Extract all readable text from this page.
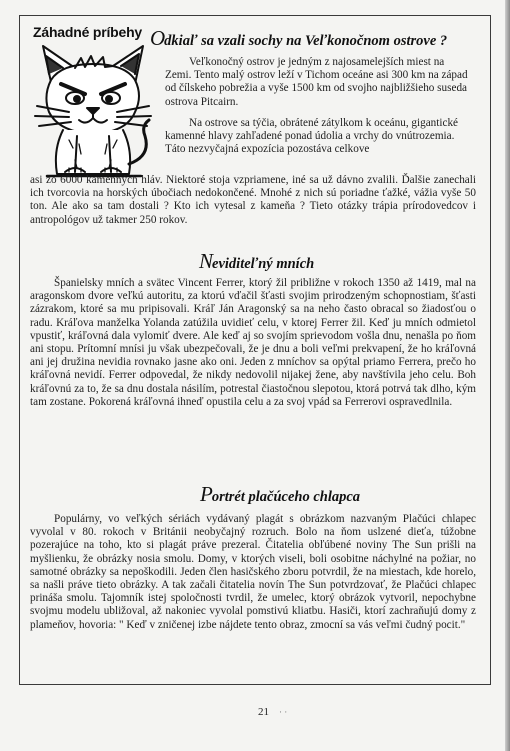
Záhadné príbehy Odkiaľ sa vzali sochy na Veľkonočnom ostrove ?

Veľkonočný ostrov je jedným z najosamelejších miest na Zemi. Tento malý ostrov leží v Tichom oceáne asi 300 km na západ od čílskeho pobrežia a vyše 1500 km od svojho najbližšieho suseda ostrova Pitcairn.

Na ostrove sa týčia, obrátené zátylkom k oceánu, gigantické kamenné hlavy zahľadené ponad údolia a vrchy do vnútrozemia. Táto nezvyčajná expozícia pozostáva celkove

asi zo 6000 kamenných hláv. Niektoré stoja vzpriamene, iné sa už dávno zvalili. Ďalšie zanechali ich tvorcovia na horských úbočiach nedokončené. Mnohé z nich sú poriadne ťažké, vážia vyše 50 ton. Ale ako sa tam dostali ? Kto ich vytesal z kameňa ? Tieto otázky trápia prírodovedcov i antropológov už takmer 250 rokov.

Neviditeľný mních

Španielsky mních a svätec Vincent Ferrer, ktorý žil približne v rokoch 1350 až 1419, mal na aragonskom dvore veľkú autoritu, za ktorú vďačil šťasti svojim prirodzeným schopnostiam, šťasti zázrakom, ktoré sa mu pripisovali. Kráľ Ján Aragonský sa na neho často obracal so žiadosťou o radu. Kráľova manželka Yolanda zatúžila uvidieť celu, v ktorej Ferrer žil. Keď ju mních odmietol vpustiť, kráľovná dala vylomiť dvere. Ale keď aj so svojím sprievodom vošla dnu, nenašla po ňom ani stopu. Prítomní mnísi ju však ubezpečovali, že je dnu a boli veľmi prekvapení, že ho kráľovná ani jej družina nevidia rovnako jasne ako oni. Jeden z mníchov sa opýtal priamo Ferrera, prečo ho kráľovná nevidí. Ferrer odpovedal, že nikdy nedovolil nijakej žene, aby navštívila jeho celu. Boh kráľovnú za to, že sa dnu dostala násilím, potrestal čiastočnou slepotou, ktorá potrvá tak dlho, kým tam zostane. Pokorená kráľovná ihneď opustila celu a za svoj vpád sa Ferrerovi ospravedlnila.

Portrét plačúceho chlapca

Populárny, vo veľkých sériách vydávaný plagát s obrázkom nazvaným Plačúci chlapec vyvolal v 80. rokoch v Británii neobyčajný rozruch. Bolo na ňom uslzené dieťa, túžobne pozerajúce na toho, kto si plagát práve prezeral. Čitatelia obľúbené noviny The Sun prišli na myšlienku, že obrázky nosia smolu. Domy, v ktorých viseli, boli osobitne náchylné na požiar, no samotné obrázky sa nepoškodili. Jeden člen hasičského zboru potvrdil, že na miestach, kde horelo, sa našli práve tieto obrázky. A tak začali čitatelia novín The Sun potvrdzovať, že Plačúci chlapec prináša smolu. Tajomník istej spoločnosti tvrdil, že umelec, ktorý obrázok vytvoril, nepochybne svojmu modelu ubližoval, až nakoniec vyvolal pomstivú kliatbu. Hasiči, ktorí zachraňujú domy z plameňov, hovoria: " Keď v zničenej izbe nájdete tento obraz, zmocní sa vás veľmi čudný pocit."

21 · ·
